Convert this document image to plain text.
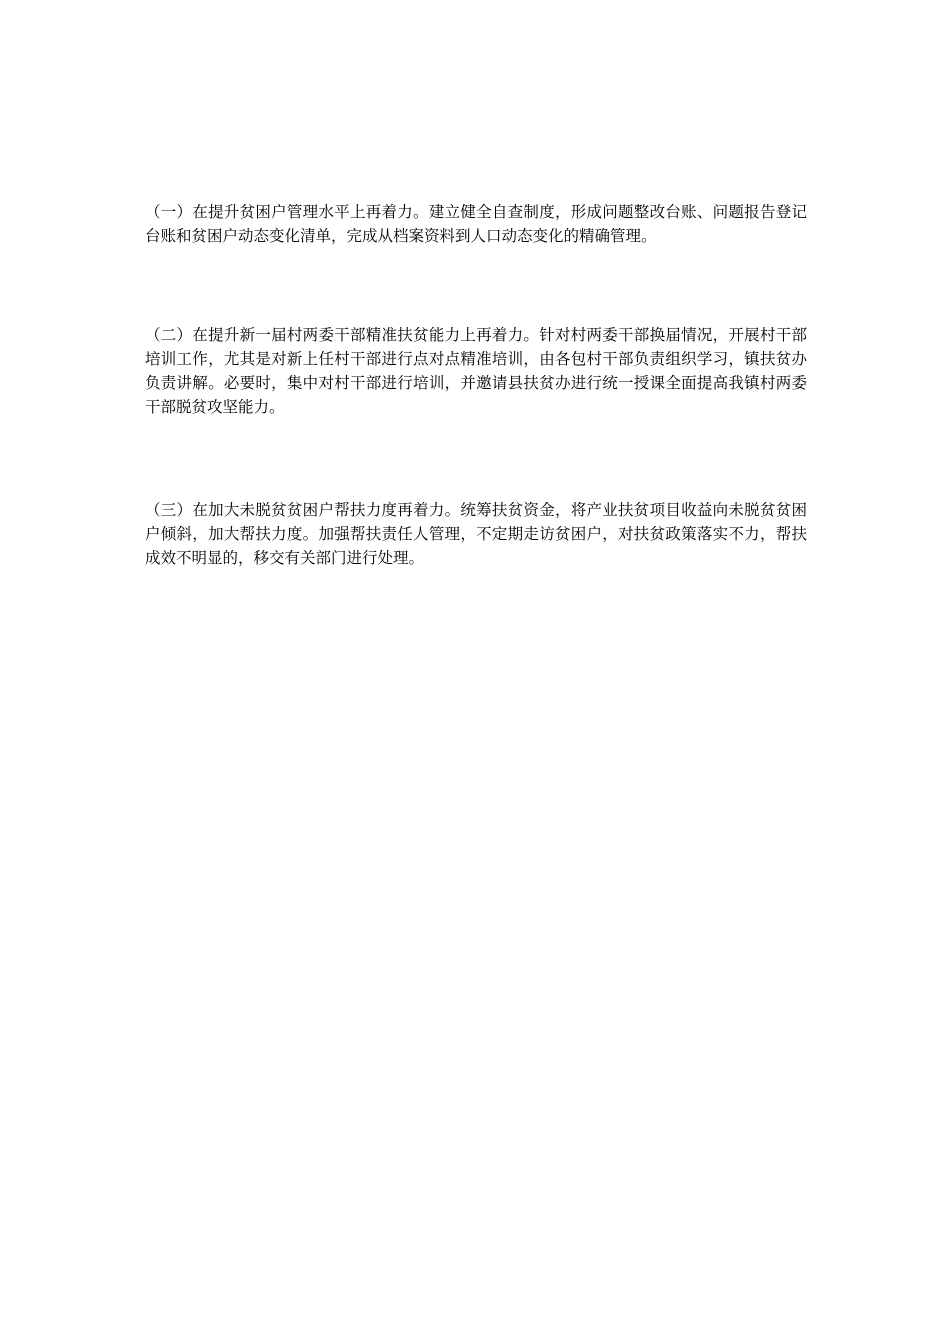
（一）在提升贫困户管理水平上再着力。建立健全自查制度，形成问题整改台账、问题报告登记台账和贫困户动态变化清单，完成从档案资料到人口动态变化的精确管理。

（二）在提升新一届村两委干部精准扶贫能力上再着力。针对村两委干部换届情况，开展村干部培训工作，尤其是对新上任村干部进行点对点精准培训，由各包村干部负责组织学习，镇扶贫办负责讲解。必要时，集中对村干部进行培训，并邀请县扶贫办进行统一授课全面提高我镇村两委干部脱贫攻坚能力。

（三）在加大未脱贫贫困户帮扶力度再着力。统筹扶贫资金，将产业扶贫项目收益向未脱贫贫困户倾斜，加大帮扶力度。加强帮扶责任人管理，不定期走访贫困户，对扶贫政策落实不力，帮扶成效不明显的，移交有关部门进行处理。
